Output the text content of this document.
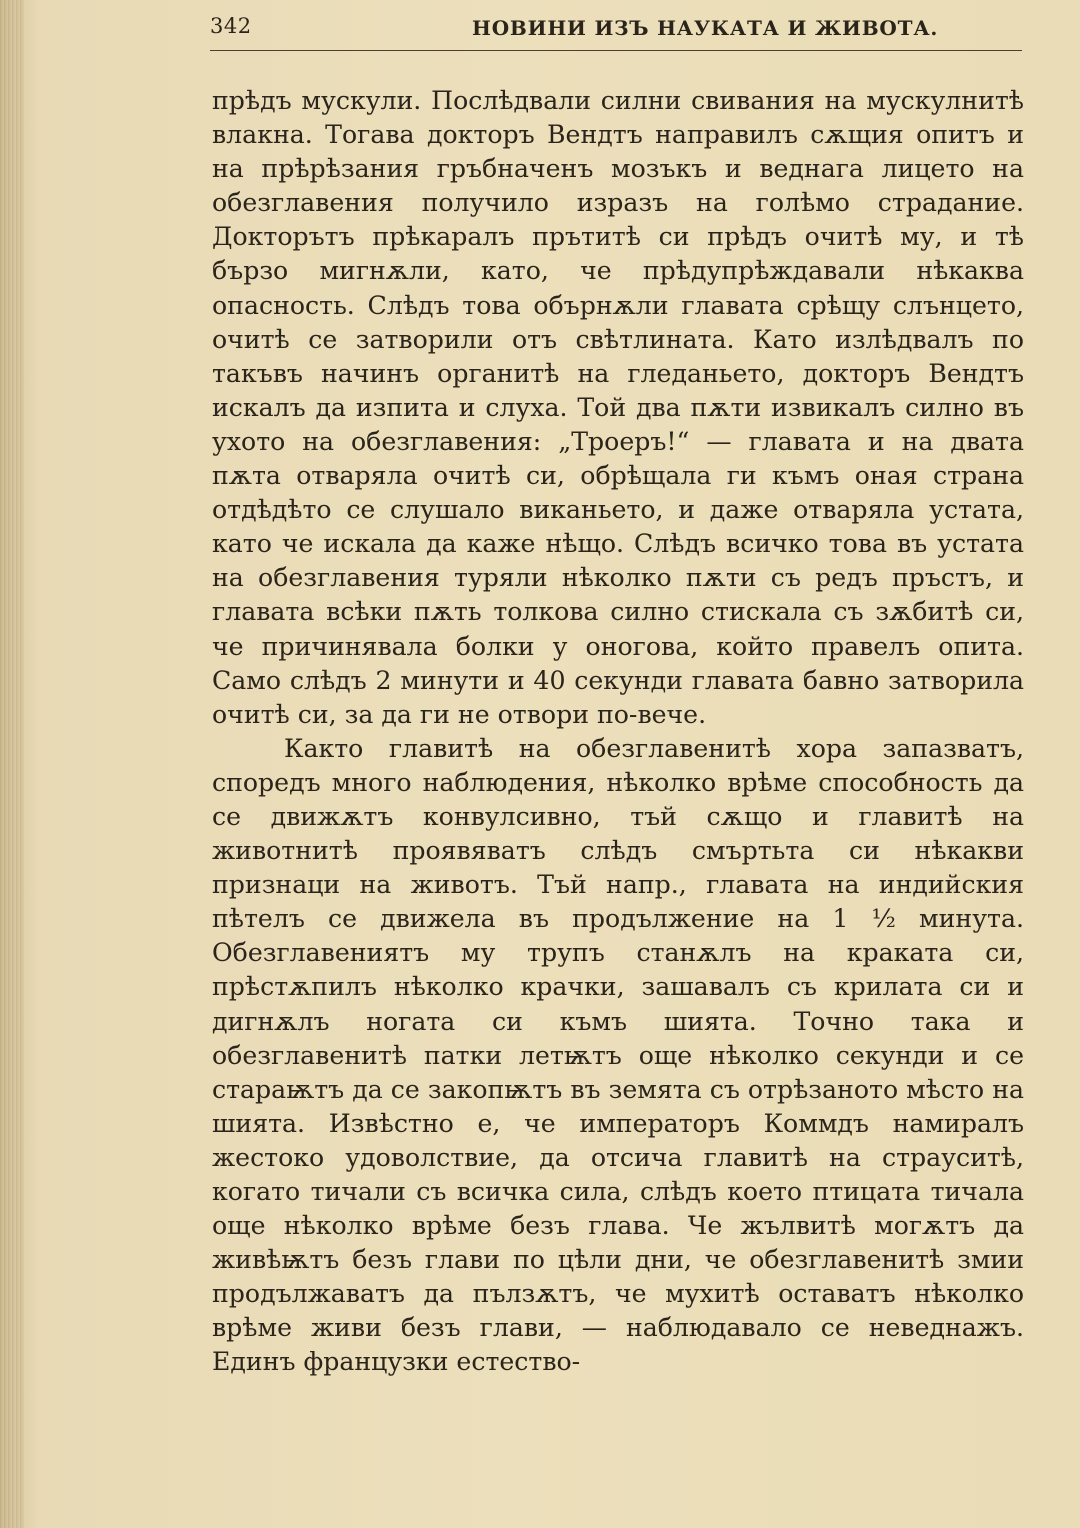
342	НОВИНИ ИЗЪ НАУКАТА И ЖИВОТА.

прѣдъ мускули. Послѣдвали силни свивания на мускулнитѣ влакна. Тогава докторъ Вендтъ направилъ сѫщия опитъ и на прѣрѣзания гръбначенъ мозъкъ и веднага лицето на обезглавения получило изразъ на голѣмо страдание. Докторътъ прѣкаралъ прътитѣ си прѣдъ очитѣ му, и тѣ бързо мигнѫли, като, че прѣдупрѣждавали нѣкаква опасность. Слѣдъ това обърнѫли главата срѣщу слънцето, очитѣ се затворили отъ свѣтлината. Като излѣдвалъ по такъвъ начинъ органитѣ на гледаньето, докторъ Вендтъ искалъ да изпита и слуха. Той два пѫти извикалъ силно въ ухото на обезглавения: „Троеръ!“ — главата и на двата пѫта отваряла очитѣ си, обрѣщала ги къмъ оная страна отдѣдѣто се слушало виканьето, и даже отваряла устата, като че искала да каже нѣщо. Слѣдъ всичко това въ устата на обезглавения туряли нѣколко пѫти съ редъ пръстъ, и главата всѣки пѫть толкова силно стискала съ зѫбитѣ си, че причинявала болки у оногова, който правелъ опита. Само слѣдъ 2 минути и 40 секунди главата бавно затворила очитѣ си, за да ги не отвори по-вече.

Както главитѣ на обезглавенитѣ хора запазватъ, споредъ много наблюдения, нѣколко врѣме способность да се движѫтъ конвулсивно, тъй сѫщо и главитѣ на животнитѣ проявяватъ слѣдъ смъртьта си нѣкакви признаци на животъ. Тъй напр., главата на индийския пѣтелъ се движела въ продължение на 1 ½ минута. Обезглавениятъ му трупъ станѫлъ на краката си, прѣстѫпилъ нѣколко крачки, зашавалъ съ крилата си и дигнѫлъ ногата си къмъ шията. Точно така и обезглавенитѣ патки летѭтъ още нѣколко секунди и се старaѭтъ да се закопѭтъ въ земята съ отрѣзаното мѣсто на шията. Извѣстно е, че императоръ Коммдъ намиралъ жестоко удоволствие, да отсича главитѣ на страуситѣ, когато тичали съ всичка сила, слѣдъ което птицата тичала още нѣколко врѣме безъ глава. Че жълвитѣ могѫтъ да живѣѭтъ безъ глави по цѣли дни, че обезглавенитѣ змии продължаватъ да пълзѫтъ, че мухитѣ оставатъ нѣколко врѣме живи безъ глави, — наблюдавало се неведнажъ. Единъ французки естество-
